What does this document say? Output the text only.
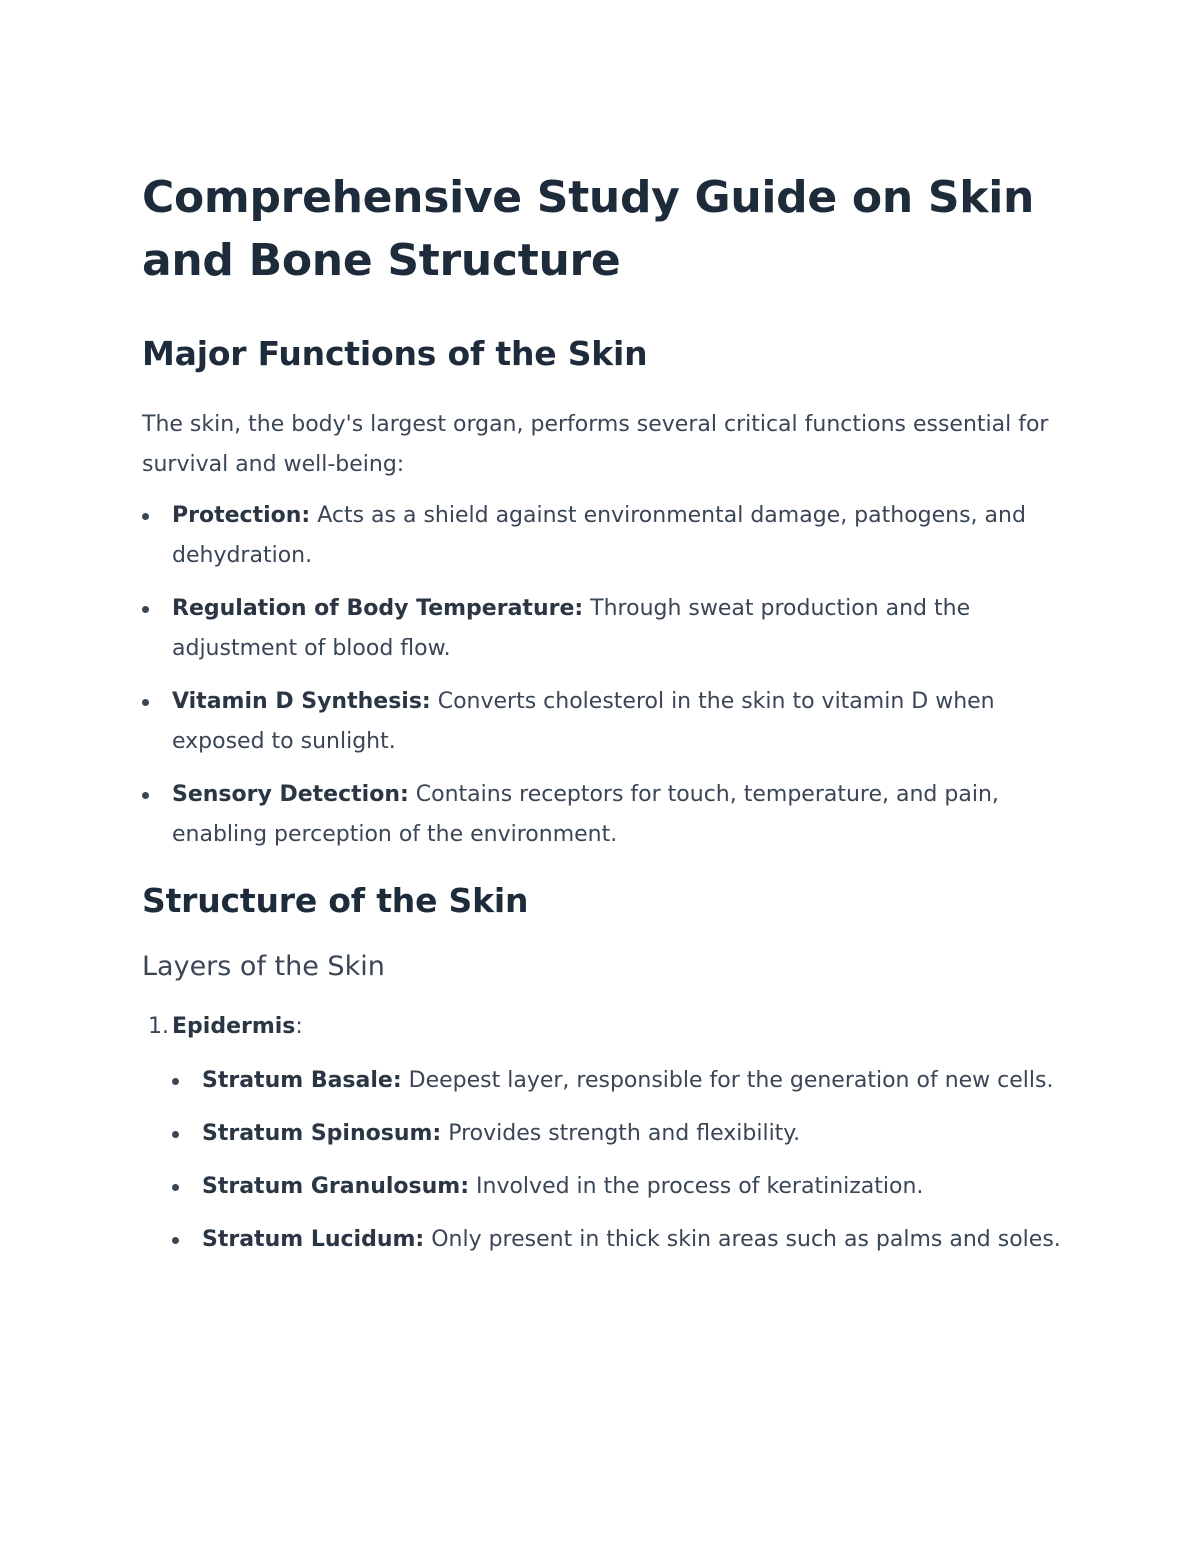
Comprehensive Study Guide on Skin and Bone Structure
Major Functions of the Skin

The skin, the body's largest organ, performs several critical functions essential for survival and well-being:

Protection: Acts as a shield against environmental damage, pathogens, and dehydration.
Regulation of Body Temperature: Through sweat production and the adjustment of blood flow.
Vitamin D Synthesis: Converts cholesterol in the skin to vitamin D when exposed to sunlight.
Sensory Detection: Contains receptors for touch, temperature, and pain, enabling perception of the environment.
Structure of the Skin
Layers of the Skin
1. Epidermis:
Stratum Basale: Deepest layer, responsible for the generation of new cells.
Stratum Spinosum: Provides strength and flexibility.
Stratum Granulosum: Involved in the process of keratinization.
Stratum Lucidum: Only present in thick skin areas such as palms and soles.
